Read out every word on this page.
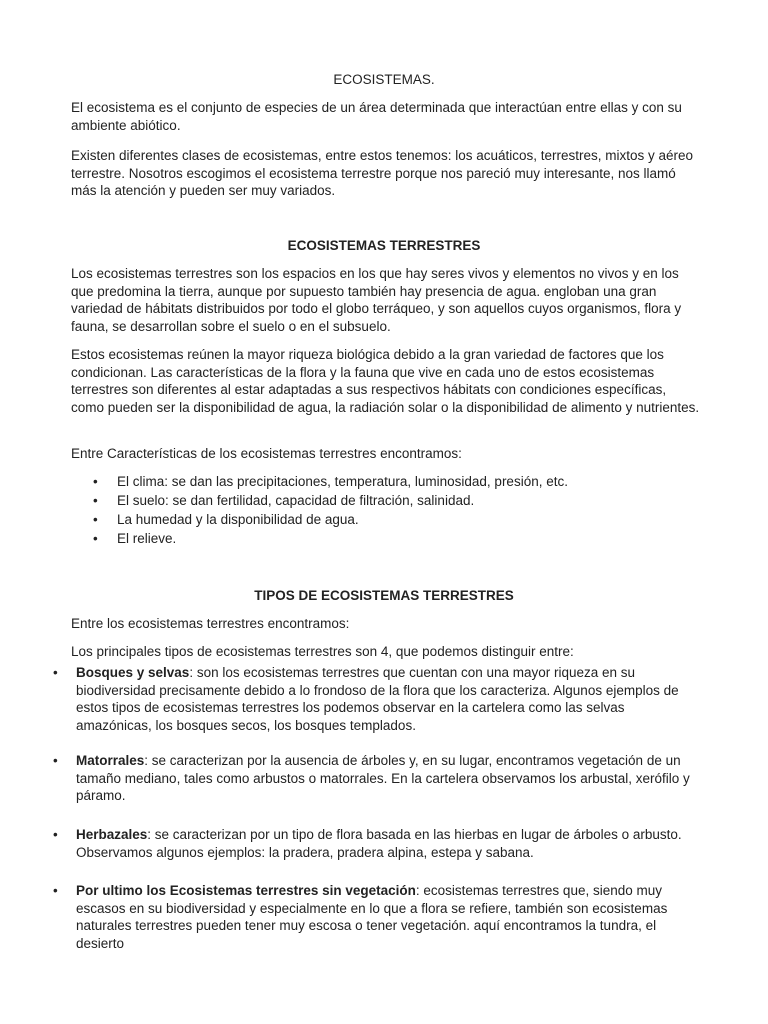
ECOSISTEMAS.

El ecosistema es el conjunto de especies de un área determinada que interactúan entre ellas y con su ambiente abiótico.

Existen diferentes clases de ecosistemas, entre estos tenemos: los acuáticos, terrestres, mixtos y aéreo terrestre. Nosotros escogimos el ecosistema terrestre porque nos pareció muy interesante, nos llamó más la atención y pueden ser muy variados.

ECOSISTEMAS TERRESTRES

Los ecosistemas terrestres son los espacios en los que hay seres vivos y elementos no vivos y en los que predomina la tierra, aunque por supuesto también hay presencia de agua. engloban una gran variedad de hábitats distribuidos por todo el globo terráqueo, y son aquellos cuyos organismos, flora y fauna, se desarrollan sobre el suelo o en el subsuelo.

Estos ecosistemas reúnen la mayor riqueza biológica debido a la gran variedad de factores que los condicionan. Las características de la flora y la fauna que vive en cada uno de estos ecosistemas terrestres son diferentes al estar adaptadas a sus respectivos hábitats con condiciones específicas, como pueden ser la disponibilidad de agua, la radiación solar o la disponibilidad de alimento y nutrientes.

Entre Características de los ecosistemas terrestres encontramos:

• El clima: se dan las precipitaciones, temperatura, luminosidad, presión, etc.
• El suelo: se dan fertilidad, capacidad de filtración, salinidad.
• La humedad y la disponibilidad de agua.
• El relieve.
TIPOS DE ECOSISTEMAS TERRESTRES

Entre los ecosistemas terrestres encontramos:

Los principales tipos de ecosistemas terrestres son 4, que podemos distinguir entre:

• Bosques y selvas: son los ecosistemas terrestres que cuentan con una mayor riqueza en su biodiversidad precisamente debido a lo frondoso de la flora que los caracteriza. Algunos ejemplos de estos tipos de ecosistemas terrestres los podemos observar en la cartelera como las selvas amazónicas, los bosques secos, los bosques templados.
• Matorrales: se caracterizan por la ausencia de árboles y, en su lugar, encontramos vegetación de un tamaño mediano, tales como arbustos o matorrales. En la cartelera observamos los arbustal, xerófilo y páramo.
• Herbazales: se caracterizan por un tipo de flora basada en las hierbas en lugar de árboles o arbusto. Observamos algunos ejemplos: la pradera, pradera alpina, estepa y sabana.
• Por ultimo los Ecosistemas terrestres sin vegetación: ecosistemas terrestres que, siendo muy escasos en su biodiversidad y especialmente en lo que a flora se refiere, también son ecosistemas naturales terrestres pueden tener muy escosa o tener vegetación. aquí encontramos la tundra, el desierto
